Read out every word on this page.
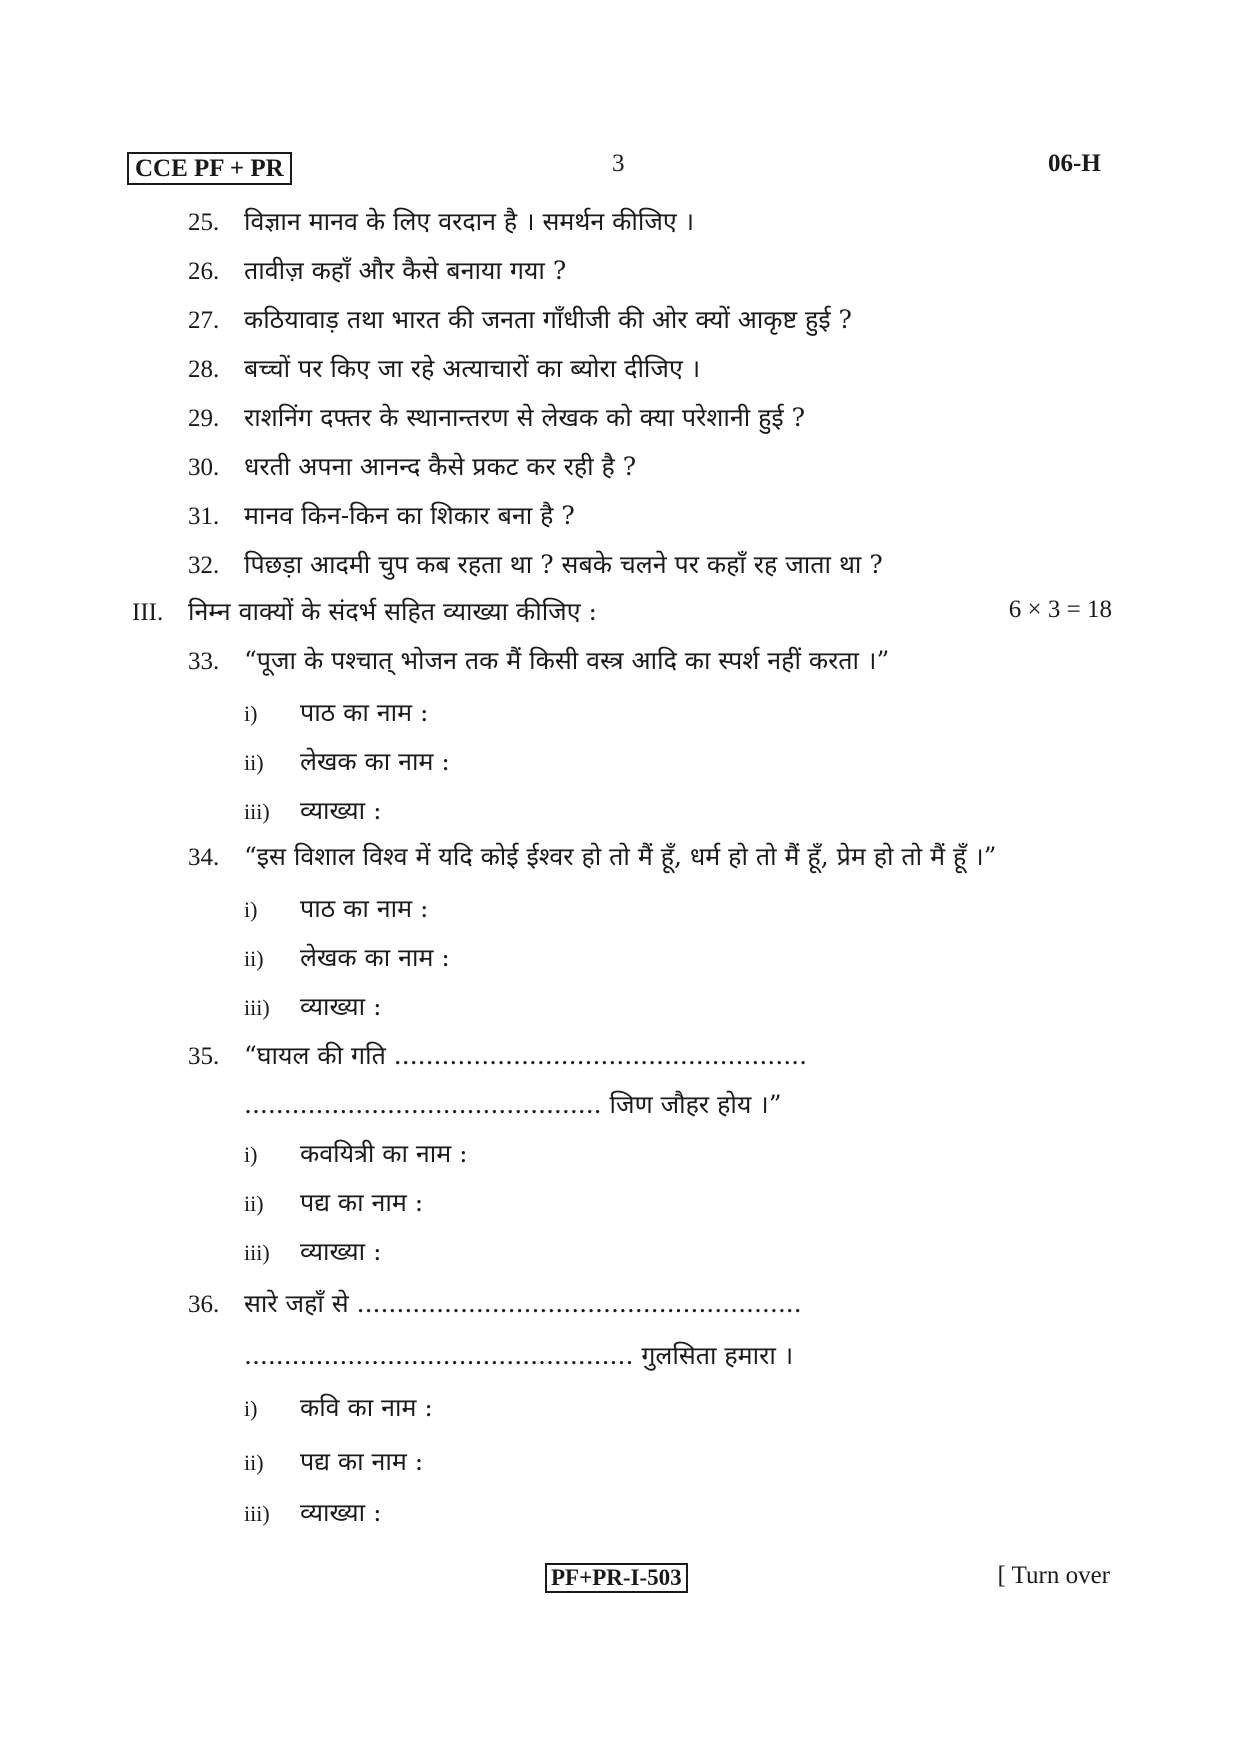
CCE PF + PR	3	06-H
25. विज्ञान मानव के लिए वरदान है । समर्थन कीजिए ।
26. तावीज़ कहाँ और कैसे बनाया गया ?
27. कठियावाड़ तथा भारत की जनता गाँधीजी की ओर क्यों आकृष्ट हुई ?
28. बच्चों पर किए जा रहे अत्याचारों का ब्योरा दीजिए ।
29. राशनिंग दफ्तर के स्थानान्तरण से लेखक को क्या परेशानी हुई ?
30. धरती अपना आनन्द कैसे प्रकट कर रही है ?
31. मानव किन-किन का शिकार बना है ?
32. पिछड़ा आदमी चुप कब रहता था ? सबके चलने पर कहाँ रह जाता था ?
III. निम्न वाक्यों के संदर्भ सहित व्याख्या कीजिए :	6 × 3 = 18
33. “पूजा के पश्चात् भोजन तक मैं किसी वस्त्र आदि का स्पर्श नहीं करता ।”
i) पाठ का नाम :
ii) लेखक का नाम :
iii) व्याख्या :
34. “इस विशाल विश्व में यदि कोई ईश्वर हो तो मैं हूँ, धर्म हो तो मैं हूँ, प्रेम हो तो मैं हूँ ।”
i) पाठ का नाम :
ii) लेखक का नाम :
iii) व्याख्या :
35. “घायल की गति ....................................................
............................................. जिण जौहर होय ।”
i) कवयित्री का नाम :
ii) पद्य का नाम :
iii) व्याख्या :
36. सारे जहाँ से ........................................................
................................................. गुलसिता हमारा ।
i) कवि का नाम :
ii) पद्य का नाम :
iii) व्याख्या :
PF+PR-I-503	[ Turn over
